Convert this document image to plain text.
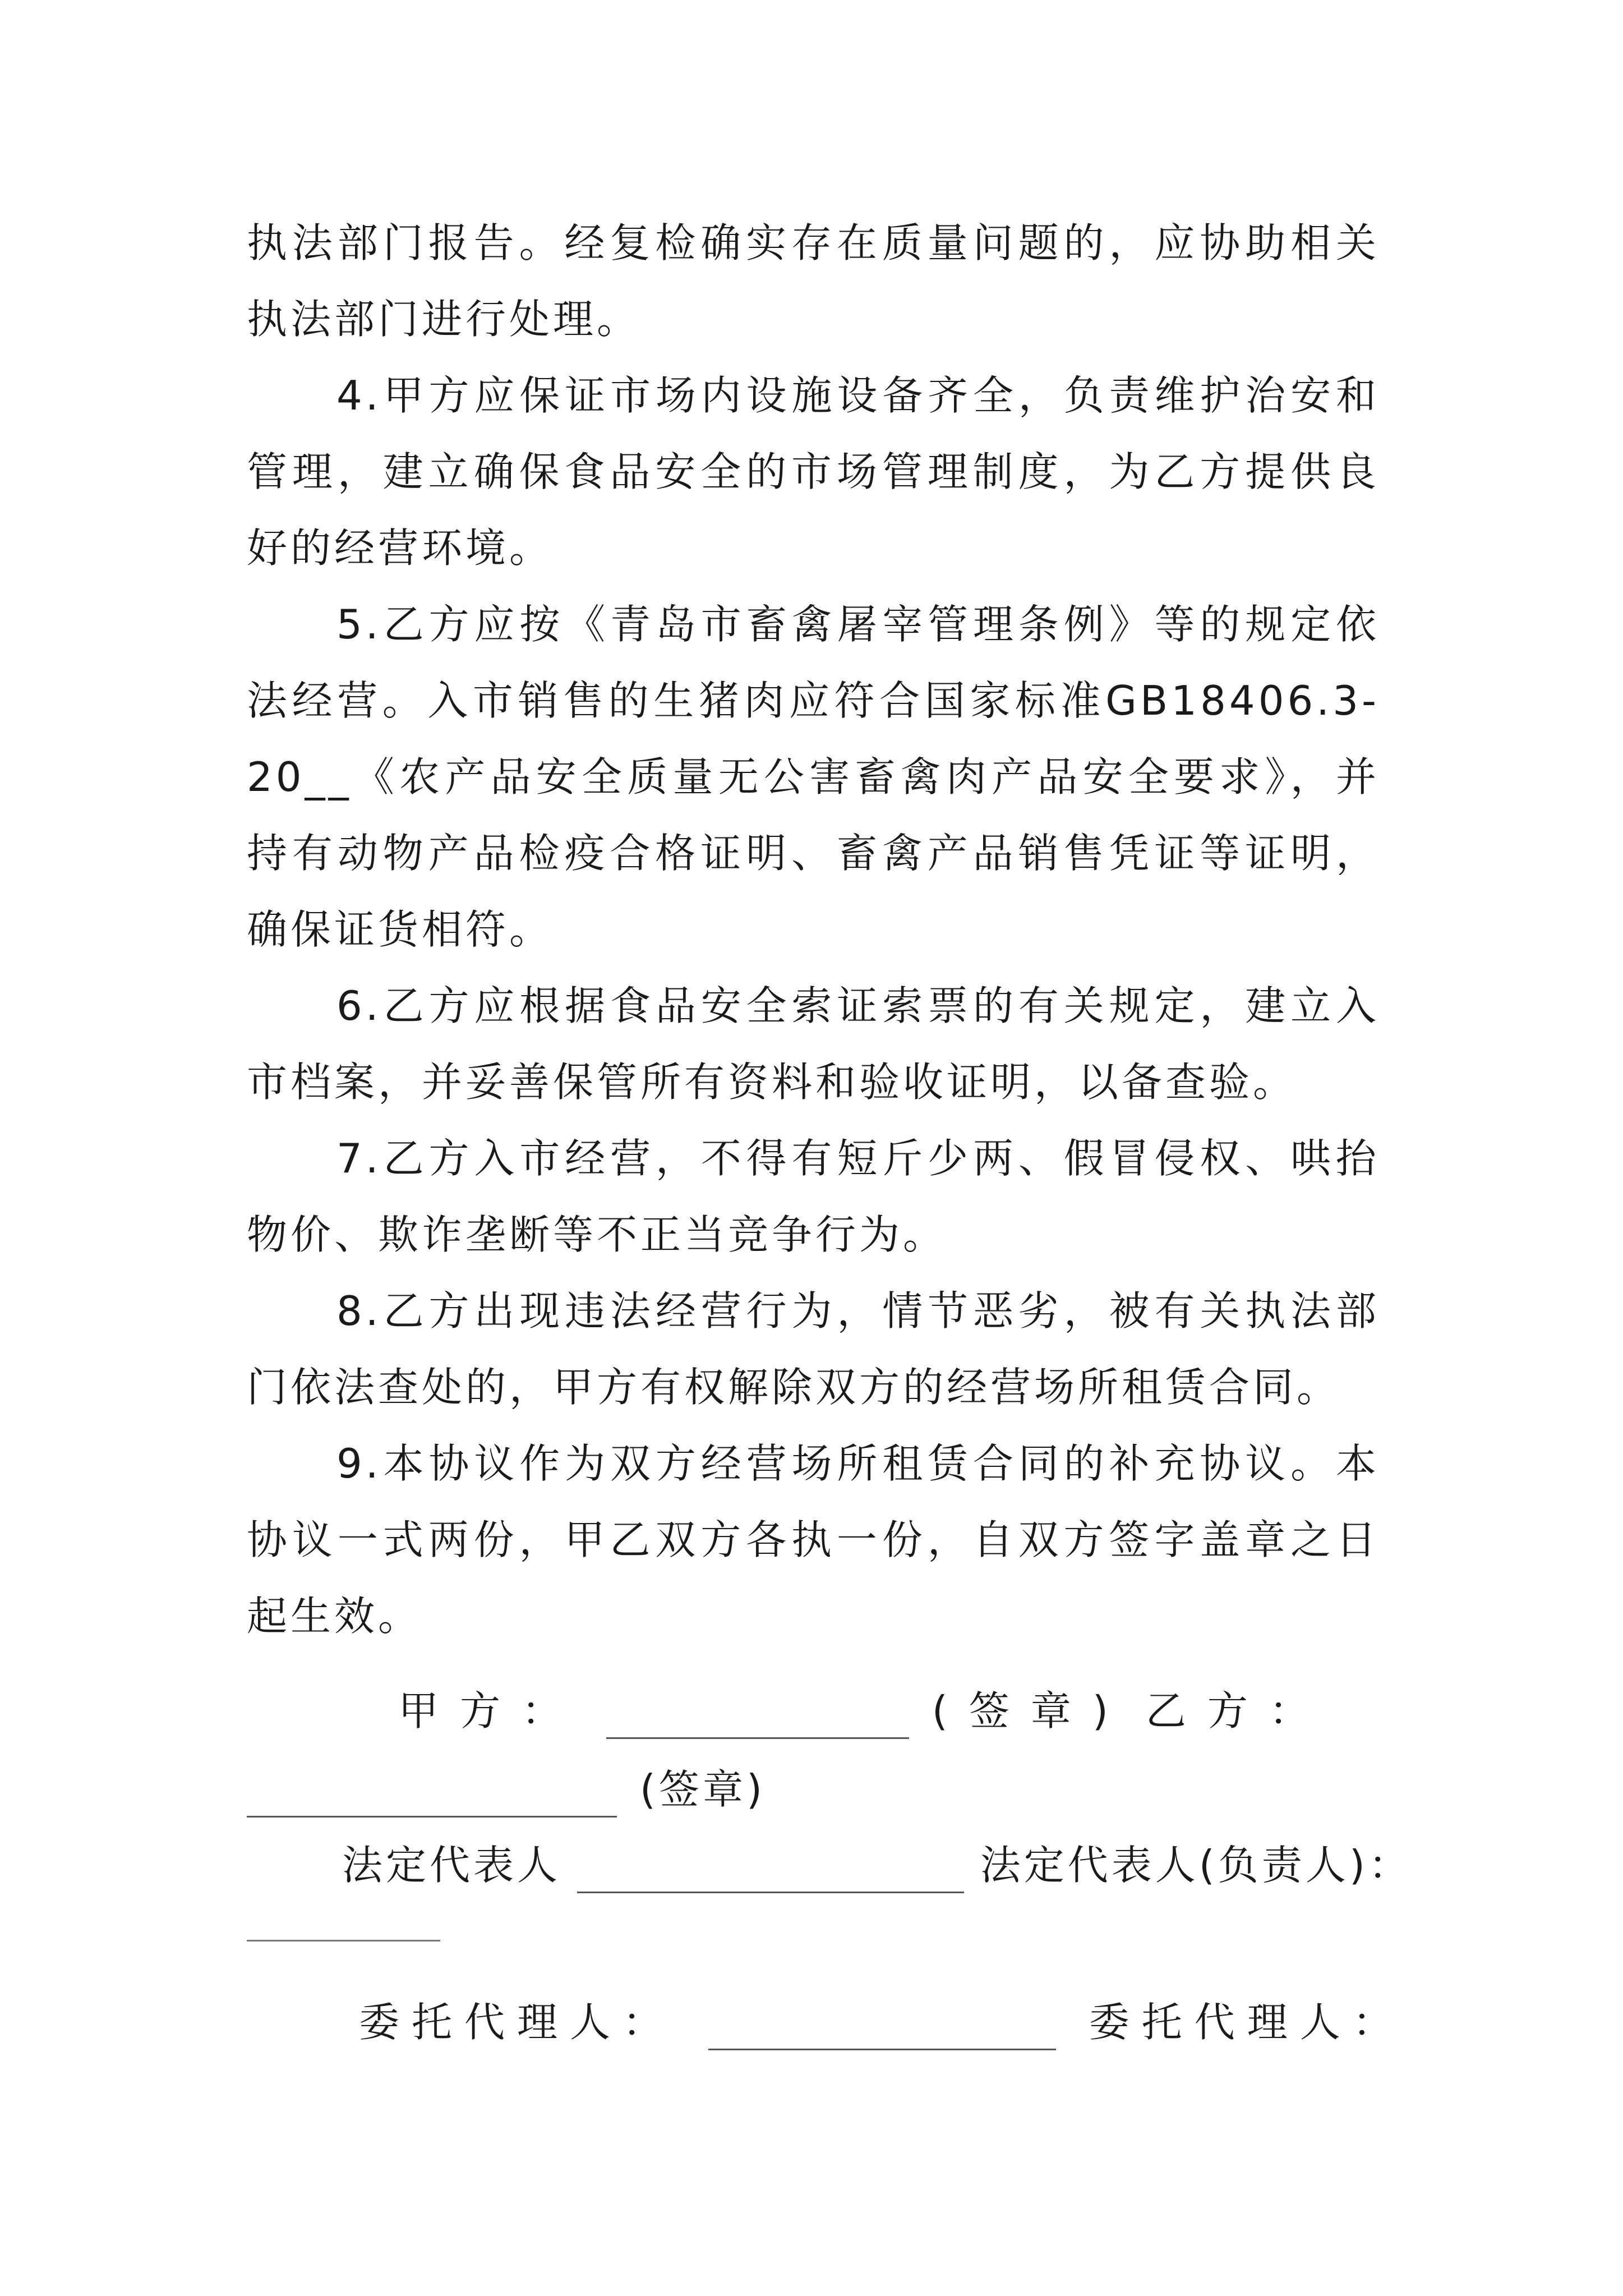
执法部门报告。经复检确实存在质量问题的，应协助相关执法部门进行处理。

4.甲方应保证市场内设施设备齐全，负责维护治安和管理，建立确保食品安全的市场管理制度，为乙方提供良好的经营环境。

5.乙方应按《青岛市畜禽屠宰管理条例》等的规定依法经营。入市销售的生猪肉应符合国家标准GB18406.3-20__《农产品安全质量无公害畜禽肉产品安全要求》，并持有动物产品检疫合格证明、畜禽产品销售凭证等证明，确保证货相符。

6.乙方应根据食品安全索证索票的有关规定，建立入市档案，并妥善保管所有资料和验收证明，以备查验。

7.乙方入市经营，不得有短斤少两、假冒侵权、哄抬物价、欺诈垄断等不正当竞争行为。

8.乙方出现违法经营行为，情节恶劣，被有关执法部门依法查处的，甲方有权解除双方的经营场所租赁合同。

9.本协议作为双方经营场所租赁合同的补充协议。本协议一式两份，甲乙双方各执一份，自双方签字盖章之日起生效。

甲方：	(签章) 乙方：
(签章)
法定代表人	法定代表人(负责人)：
委托代理人：	委托代理人：
